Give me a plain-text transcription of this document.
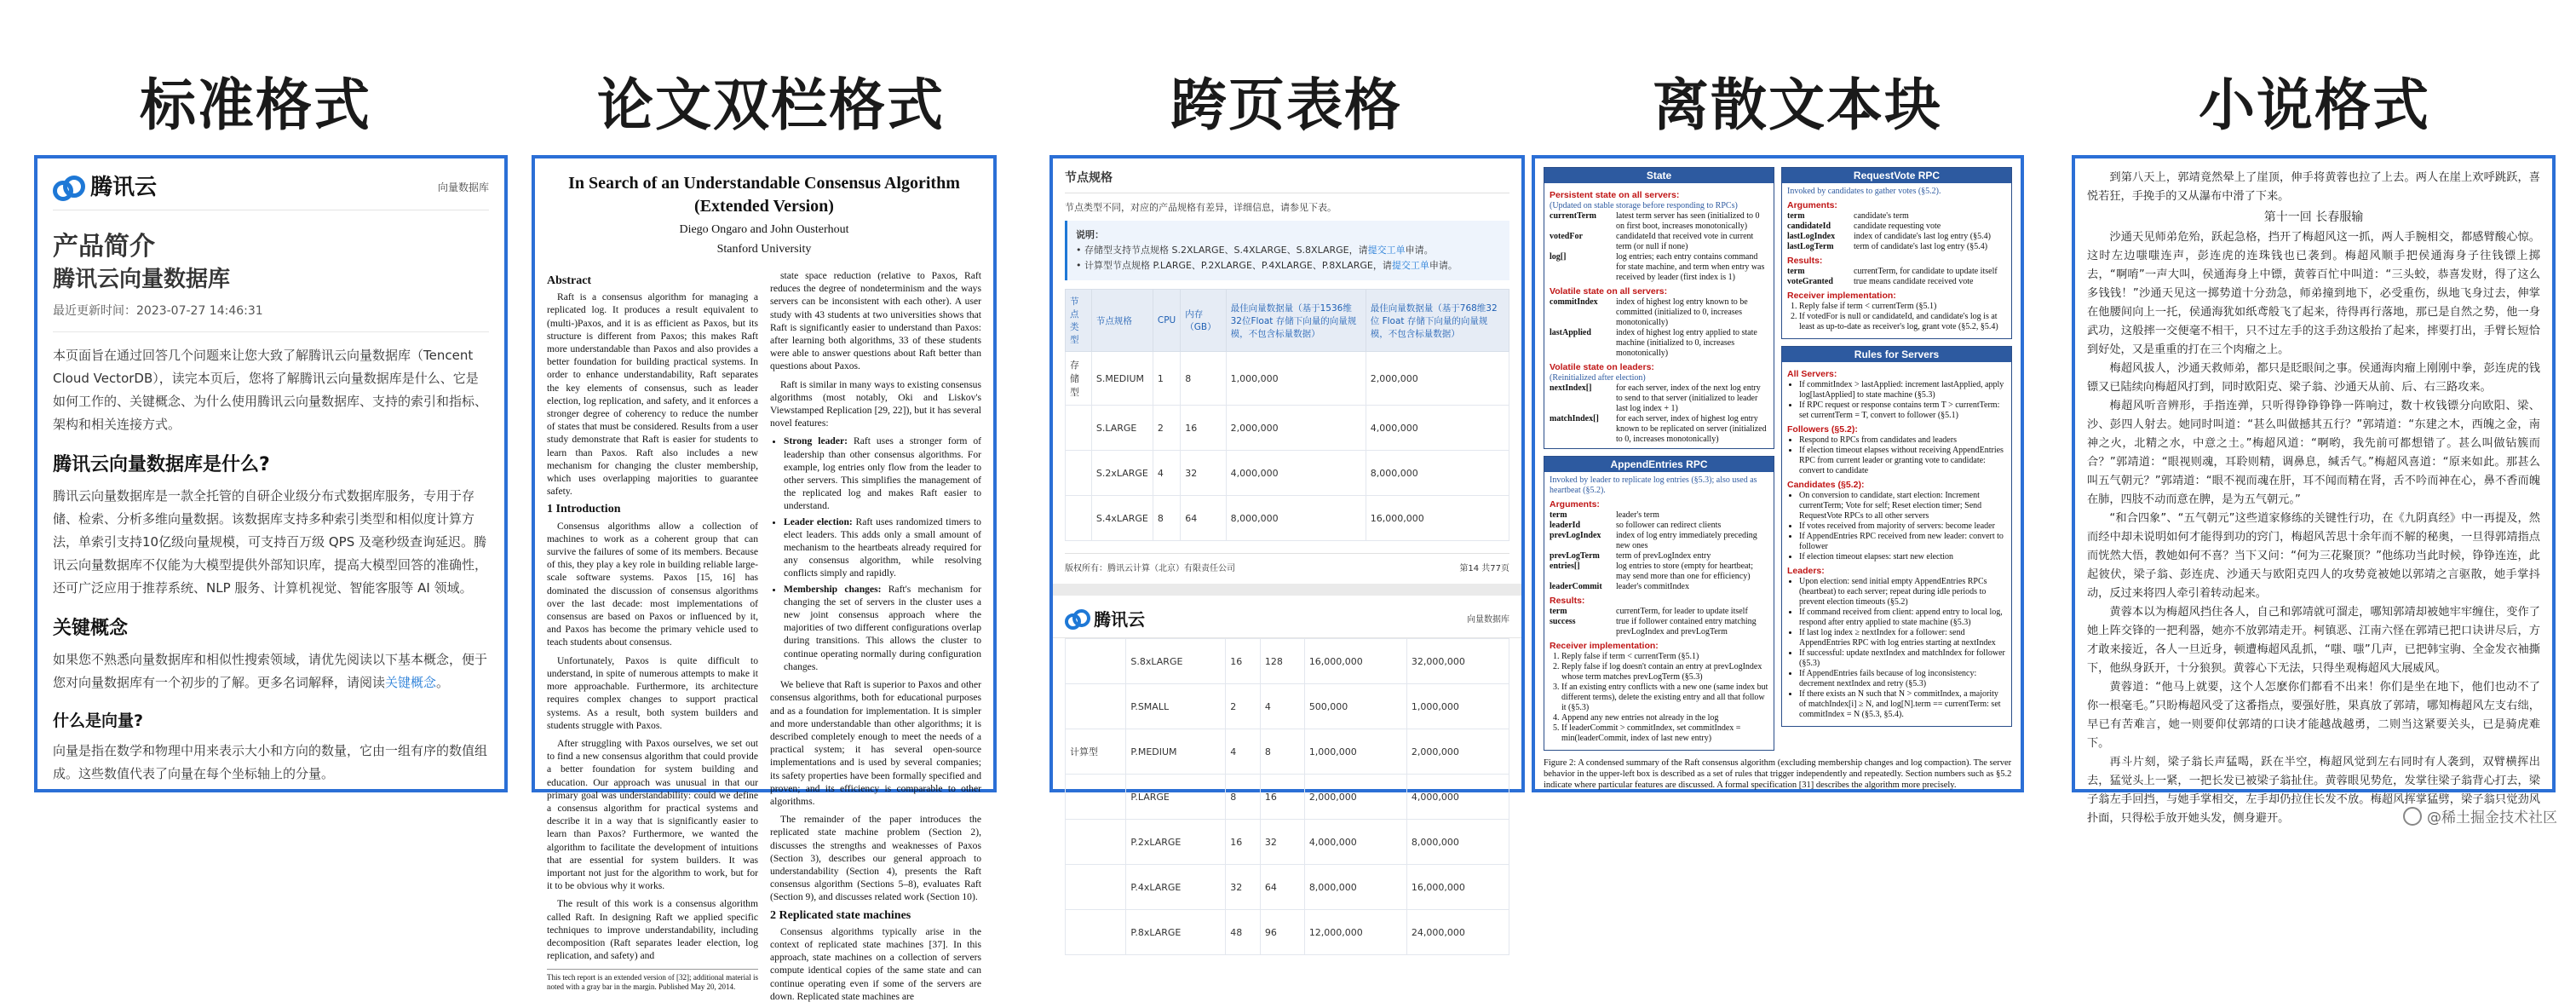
标准格式
腾讯云	向量数据库
产品简介
腾讯云向量数据库
最近更新时间：2023-07-27 14:46:31

本页面旨在通过回答几个问题来让您大致了解腾讯云向量数据库（Tencent Cloud VectorDB），读完本页后，您将了解腾讯云向量数据库是什么、它是如何工作的、关键概念、为什么使用腾讯云向量数据库、支持的索引和指标、架构和相关连接方式。

腾讯云向量数据库是什么?

腾讯云向量数据库是一款全托管的自研企业级分布式数据库服务，专用于存储、检索、分析多维向量数据。该数据库支持多种索引类型和相似度计算方法，单索引支持10亿级向量规模，可支持百万级 QPS 及毫秒级查询延迟。腾讯云向量数据库不仅能为大模型提供外部知识库，提高大模型回答的准确性，还可广泛应用于推荐系统、NLP 服务、计算机视觉、智能客服等 AI 领域。

关键概念

如果您不熟悉向量数据库和相似性搜索领域，请优先阅读以下基本概念，便于您对向量数据库有一个初步的了解。更多名词解释，请阅读关键概念。

什么是向量?

向量是指在数学和物理中用来表示大小和方向的数量，它由一组有序的数值组成。这些数值代表了向量在每个坐标轴上的分量。

论文双栏格式
In Search of an Understandable Consensus Algorithm (Extended Version)
Diego Ongaro and John Ousterhout
Stanford University
Abstract

Raft is a consensus algorithm for managing a replicated log. It produces a result equivalent to (multi-)Paxos, and it is as efficient as Paxos, but its structure is different from Paxos; this makes Raft more understandable than Paxos and also provides a better foundation for building practical systems. In order to enhance understandability, Raft separates the key elements of consensus, such as leader election, log replication, and safety, and it enforces a stronger degree of coherency to reduce the number of states that must be considered. Results from a user study demonstrate that Raft is easier for students to learn than Paxos. Raft also includes a new mechanism for changing the cluster membership, which uses overlapping majorities to guarantee safety.

1 Introduction

Consensus algorithms allow a collection of machines to work as a coherent group that can survive the failures of some of its members. Because of this, they play a key role in building reliable large-scale software systems. Paxos [15, 16] has dominated the discussion of consensus algorithms over the last decade: most implementations of consensus are based on Paxos or influenced by it, and Paxos has become the primary vehicle used to teach students about consensus.

Unfortunately, Paxos is quite difficult to understand, in spite of numerous attempts to make it more approachable. Furthermore, its architecture requires complex changes to support practical systems. As a result, both system builders and students struggle with Paxos.

After struggling with Paxos ourselves, we set out to find a new consensus algorithm that could provide a better foundation for system building and education. Our approach was unusual in that our primary goal was understandability: could we define a consensus algorithm for practical systems and describe it in a way that is significantly easier to learn than Paxos? Furthermore, we wanted the algorithm to facilitate the development of intuitions that are essential for system builders. It was important not just for the algorithm to work, but for it to be obvious why it works.

The result of this work is a consensus algorithm called Raft. In designing Raft we applied specific techniques to improve understandability, including decomposition (Raft separates leader election, log replication, and safety) and

This tech report is an extended version of [32]; additional material is noted with a gray bar in the margin. Published May 20, 2014.

state space reduction (relative to Paxos, Raft reduces the degree of nondeterminism and the ways servers can be inconsistent with each other). A user study with 43 students at two universities shows that Raft is significantly easier to understand than Paxos: after learning both algorithms, 33 of these students were able to answer questions about Raft better than questions about Paxos.

Raft is similar in many ways to existing consensus algorithms (most notably, Oki and Liskov's Viewstamped Replication [29, 22]), but it has several novel features:

• Strong leader: Raft uses a stronger form of leadership than other consensus algorithms. For example, log entries only flow from the leader to other servers. This simplifies the management of the replicated log and makes Raft easier to understand.
• Leader election: Raft uses randomized timers to elect leaders. This adds only a small amount of mechanism to the heartbeats already required for any consensus algorithm, while resolving conflicts simply and rapidly.
• Membership changes: Raft's mechanism for changing the set of servers in the cluster uses a new joint consensus approach where the majorities of two different configurations overlap during transitions. This allows the cluster to continue operating normally during configuration changes.

We believe that Raft is superior to Paxos and other consensus algorithms, both for educational purposes and as a foundation for implementation. It is simpler and more understandable than other algorithms; it is described completely enough to meet the needs of a practical system; it has several open-source implementations and is used by several companies; its safety properties have been formally specified and proven; and its efficiency is comparable to other algorithms.

The remainder of the paper introduces the replicated state machine problem (Section 2), discusses the strengths and weaknesses of Paxos (Section 3), describes our general approach to understandability (Section 4), presents the Raft consensus algorithm (Sections 5–8), evaluates Raft (Section 9), and discusses related work (Section 10).

2 Replicated state machines

Consensus algorithms typically arise in the context of replicated state machines [37]. In this approach, state machines on a collection of servers compute identical copies of the same state and can continue operating even if some of the servers are down. Replicated state machines are

跨页表格
节点规格
节点类型不同，对应的产品规格有差异，详细信息，请参见下表。
说明：
• 存储型支持节点规格 S.2XLARGE、S.4XLARGE、S.8XLARGE，请提交工单申请。
• 计算型节点规格 P.LARGE、P.2XLARGE、P.4XLARGE、P.8XLARGE，请提交工单申请。
节点类型	节点规格	CPU	内存（GB）	最佳向量数据量（基于1536维32位Float 存储下向量的向量规模，不包含标量数据）	最佳向量数据量（基于768维32位 Float 存储下向量的向量规模，不包含标量数据）
存储型	S.MEDIUM	1	8	1,000,000	2,000,000
	S.LARGE	2	16	2,000,000	4,000,000
	S.2xLARGE	4	32	4,000,000	8,000,000
	S.4xLARGE	8	64	8,000,000	16,000,000
版权所有：腾讯云计算（北京）有限责任公司	第14 共77页
腾讯云	向量数据库
	S.8xLARGE	16	128	16,000,000	32,000,000
	P.SMALL	2	4	500,000	1,000,000
计算型	P.MEDIUM	4	8	1,000,000	2,000,000
	P.LARGE	8	16	2,000,000	4,000,000
	P.2xLARGE	16	32	4,000,000	8,000,000
	P.4xLARGE	32	64	8,000,000	16,000,000
	P.8xLARGE	48	96	12,000,000	24,000,000
离散文本块
State
Persistent state on all servers:
(Updated on stable storage before responding to RPCs)
currentTerm	latest term server has seen (initialized to 0 on first boot, increases monotonically)
votedFor	candidateId that received vote in current term (or null if none)
log[]	log entries; each entry contains command for state machine, and term when entry was received by leader (first index is 1)
Volatile state on all servers:
commitIndex	index of highest log entry known to be committed (initialized to 0, increases monotonically)
lastApplied	index of highest log entry applied to state machine (initialized to 0, increases monotonically)
Volatile state on leaders:
(Reinitialized after election)
nextIndex[]	for each server, index of the next log entry to send to that server (initialized to leader last log index + 1)
matchIndex[]	for each server, index of highest log entry known to be replicated on server (initialized to 0, increases monotonically)
AppendEntries RPC
Invoked by leader to replicate log entries (§5.3); also used as heartbeat (§5.2).
Arguments:
term	leader's term
leaderId	so follower can redirect clients
prevLogIndex	index of log entry immediately preceding new ones
prevLogTerm	term of prevLogIndex entry
entries[]	log entries to store (empty for heartbeat; may send more than one for efficiency)
leaderCommit	leader's commitIndex
Results:
term	currentTerm, for leader to update itself
success	true if follower contained entry matching prevLogIndex and prevLogTerm
Receiver implementation:
1. Reply false if term < currentTerm (§5.1)
2. Reply false if log doesn't contain an entry at prevLogIndex whose term matches prevLogTerm (§5.3)
3. If an existing entry conflicts with a new one (same index but different terms), delete the existing entry and all that follow it (§5.3)
4. Append any new entries not already in the log
5. If leaderCommit > commitIndex, set commitIndex = min(leaderCommit, index of last new entry)
RequestVote RPC
Invoked by candidates to gather votes (§5.2).
Arguments:
term	candidate's term
candidateId	candidate requesting vote
lastLogIndex	index of candidate's last log entry (§5.4)
lastLogTerm	term of candidate's last log entry (§5.4)
Results:
term	currentTerm, for candidate to update itself
voteGranted	true means candidate received vote
Receiver implementation:
1. Reply false if term < currentTerm (§5.1)
2. If votedFor is null or candidateId, and candidate's log is at least as up-to-date as receiver's log, grant vote (§5.2, §5.4)
Rules for Servers
All Servers:
• If commitIndex > lastApplied: increment lastApplied, apply log[lastApplied] to state machine (§5.3)
• If RPC request or response contains term T > currentTerm: set currentTerm = T, convert to follower (§5.1)
Followers (§5.2):
• Respond to RPCs from candidates and leaders
• If election timeout elapses without receiving AppendEntries RPC from current leader or granting vote to candidate: convert to candidate
Candidates (§5.2):
• On conversion to candidate, start election: Increment currentTerm; Vote for self; Reset election timer; Send RequestVote RPCs to all other servers
• If votes received from majority of servers: become leader
• If AppendEntries RPC received from new leader: convert to follower
• If election timeout elapses: start new election
Leaders:
• Upon election: send initial empty AppendEntries RPCs (heartbeat) to each server; repeat during idle periods to prevent election timeouts (§5.2)
• If command received from client: append entry to local log, respond after entry applied to state machine (§5.3)
• If last log index ≥ nextIndex for a follower: send AppendEntries RPC with log entries starting at nextIndex
• If successful: update nextIndex and matchIndex for follower (§5.3)
• If AppendEntries fails because of log inconsistency: decrement nextIndex and retry (§5.3)
• If there exists an N such that N > commitIndex, a majority of matchIndex[i] ≥ N, and log[N].term == currentTerm: set commitIndex = N (§5.3, §5.4).
Figure 2: A condensed summary of the Raft consensus algorithm (excluding membership changes and log compaction). The server behavior in the upper-left box is described as a set of rules that trigger independently and repeatedly. Section numbers such as §5.2 indicate where particular features are discussed. A formal specification [31] describes the algorithm more precisely.
小说格式

到第八天上，郭靖竟然晕上了崖顶，伸手将黄蓉也拉了上去。两人在崖上欢呼跳跃，喜悦若狂，手挽手的又从瀑布中滑了下来。

第十一回 长春服输

沙通天见师弟危殆，跃起急格，挡开了梅超风这一抓，两人手腕相交，都感臂酸心惊。这时左边嗤嗤连声，彭连虎的连珠钱也已袭到。梅超风顺手把侯通海身子往钱镖上掷去，“啊唷”一声大叫，侯通海身上中镖，黄蓉百忙中叫道：“三头蛟，恭喜发财，得了这么多钱钱！”沙通天见这一掷势道十分劲急，师弟撞到地下，必受重伤，纵地飞身过去，伸掌在他腰间向上一托，侯通海犹如纸鸢般飞了起来，待得再行落地，那已是自然之势，他一身武功，这般摔一交便毫不相干，只不过左手的这手劲这般抬了起来，摔要打出，手臂长短恰到好处，又是重重的打在三个肉瘤之上。

梅超风拔人，沙通天救师弟，都只是眨眼间之事。侯通海肉瘤上刚刚中拳，彭连虎的钱镖又已陆续向梅超风打到，同时欧阳克、梁子翁、沙通天从前、后、右三路攻来。

梅超风听音辨形，手指连弹，只听得铮铮铮铮一阵响过，数十枚钱镖分向欧阳、梁、沙、彭四人射去。她同时叫道：“甚么叫做撼其五行？”郭靖道：“东建之木，西魄之金，南神之火，北精之水，中意之土。”梅超风道：“啊哟，我先前可都想错了。甚么叫做钻簇而合？”郭靖道：“眼视则魂，耳聆则精，调鼻息，缄舌气。”梅超风喜道：“原来如此。那甚么叫五气朝元？”郭靖道：“眼不视而魂在肝，耳不闻而精在肾，舌不吟而神在心，鼻不香而魄在肺，四肢不动而意在脾，是为五气朝元。”

“和合四象”、“五气朝元”这些道家修练的关键性行功，在《九阴真经》中一再提及，然而经中却未说明如何才能得到功的窍门，梅超风苦思十余年而不解的秘奥，一旦得郭靖指点而恍然大悟，教她如何不喜？当下又问：“何为三花聚顶？”他练功当此时候，铮铮连连，此起彼伏，梁子翁、彭连虎、沙通天与欧阳克四人的攻势竟被她以郭靖之言驱散，她手掌抖动，反过来将四人牵引着转动起来。

黄蓉本以为梅超风挡住各人，自己和郭靖就可溜走，哪知郭靖却被她牢牢缠住，变作了她上阵交锋的一把利器，她亦不放郭靖走开。柯镇恶、江南六怪在郭靖已把口诀讲尽后，方才敢来接近，各人一旦近身，顿遭梅超风乱抓，“嗤、嗤”几声，已把韩宝驹、全金发衣袖撕下，他纵身跃开，十分狼狈。黄蓉心下无法，只得坐观梅超风大展威风。

黄蓉道：“他马上就要，这个人怎麽你们都看不出来！你们是坐在地下，他们也动不了你一根毫毛。”只盼梅超风受了这番指点，要强好胜，果真放了郭靖，哪知梅超风左支右绌，早已有苦难言，她一则要仰仗郭靖的口诀才能越战越勇，二则当这紧要关头，已是骑虎难下。

再斗片刻，梁子翁长声猛喝，跃在半空，梅超风觉到左右同时有人袭到，双臂横挥出去，猛觉头上一紧，一把长发已被梁子翁扯住。黄蓉眼见势危，发掌往梁子翁背心打去，梁子翁左手回挡，与她手掌相交，左手却仍拉住长发不放。梅超风挥掌猛劈，梁子翁只觉劲风扑面，只得松手放开她头发，侧身避开。	@稀土掘金技术社区
